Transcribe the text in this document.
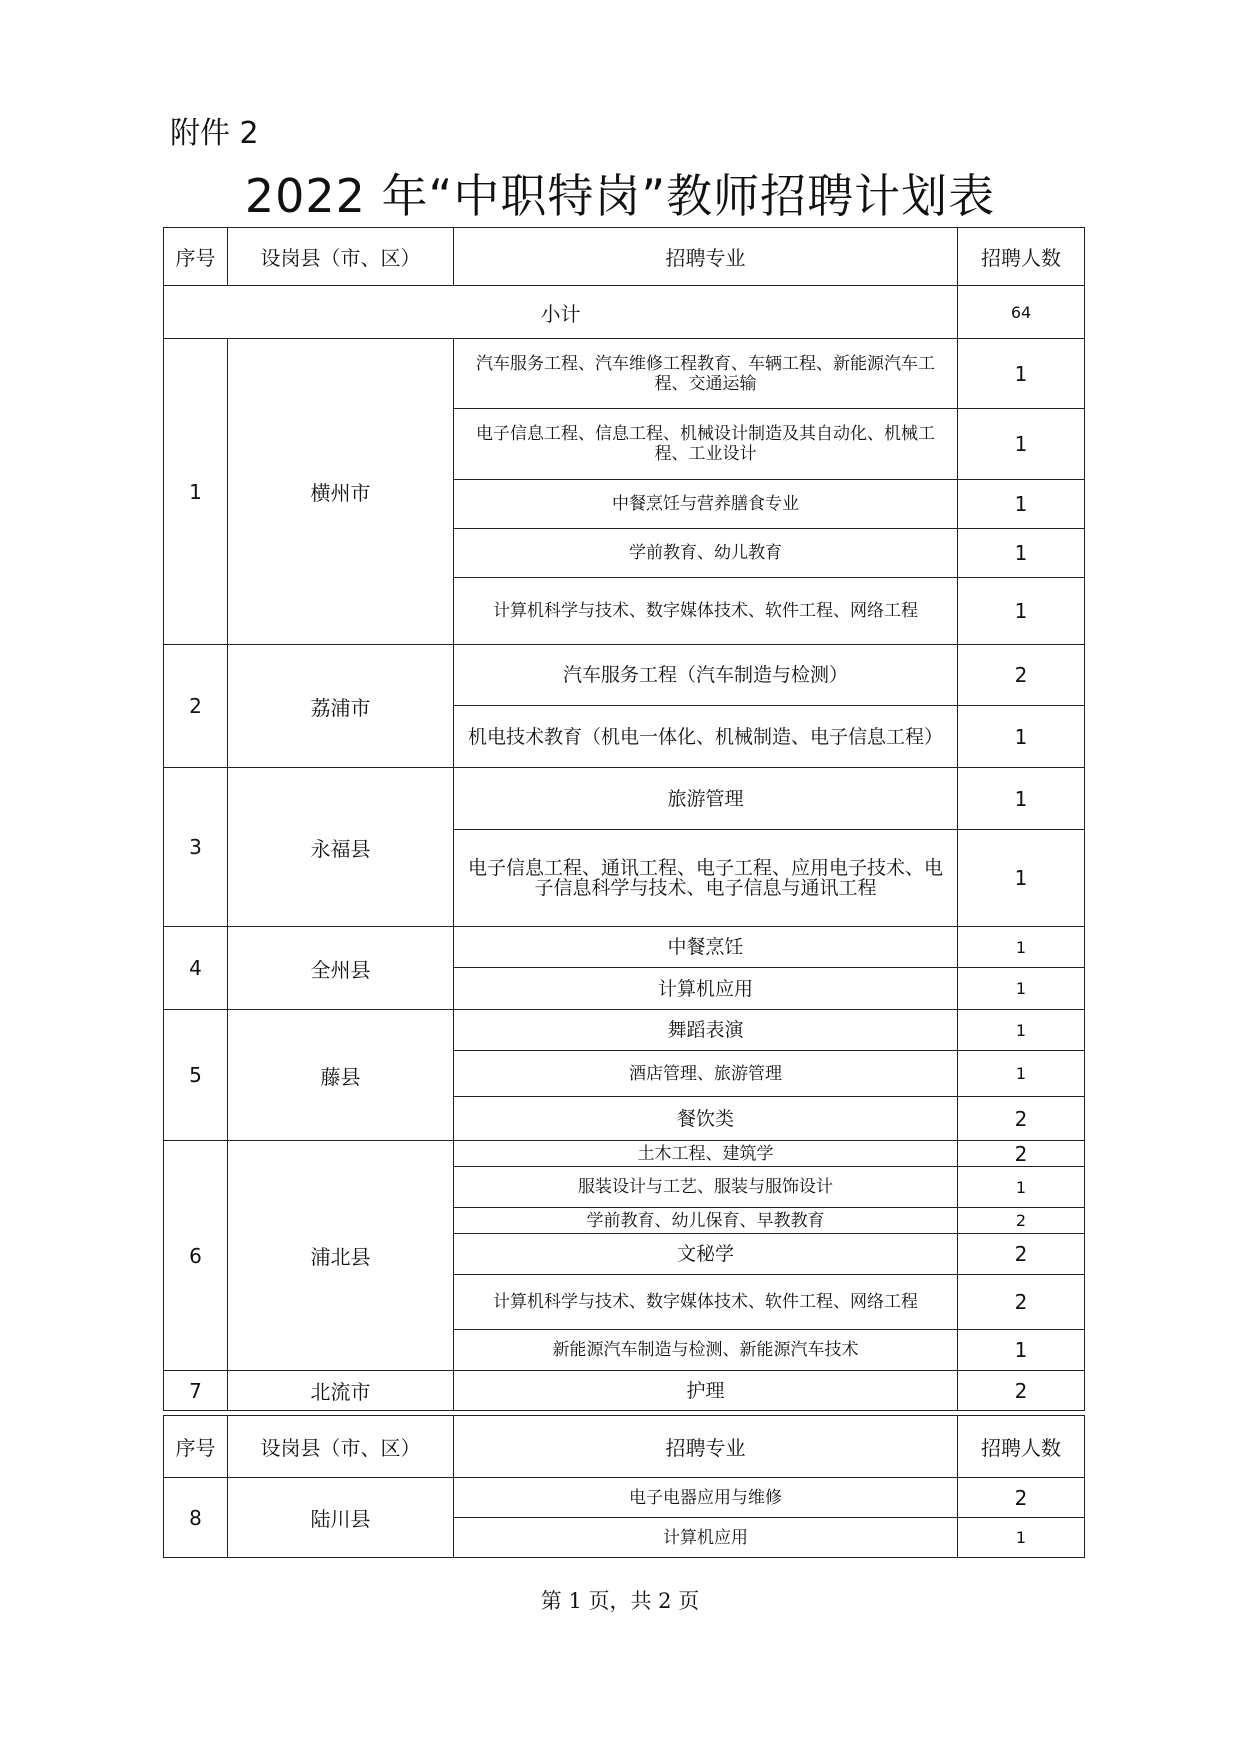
附件 2
2022 年“中职特岗”教师招聘计划表
序号	设岗县（市、区）	招聘专业	招聘人数
小计			64
1	横州市	汽车服务工程、汽车维修工程教育、车辆工程、新能源汽车工程、交通运输	1
		电子信息工程、信息工程、机械设计制造及其自动化、机械工程、工业设计	1
		中餐烹饪与营养膳食专业	1
		学前教育、幼儿教育	1
		计算机科学与技术、数字媒体技术、软件工程、网络工程	1
2	荔浦市	汽车服务工程（汽车制造与检测）	2
		机电技术教育（机电一体化、机械制造、电子信息工程）	1
3	永福县	旅游管理	1
		电子信息工程、通讯工程、电子工程、应用电子技术、电子信息科学与技术、电子信息与通讯工程	1
4	全州县	中餐烹饪	1
		计算机应用	1
5	藤县	舞蹈表演	1
		酒店管理、旅游管理	1
		餐饮类	2
6	浦北县	土木工程、建筑学	2
		服装设计与工艺、服装与服饰设计	1
		学前教育、幼儿保育、早教教育	2
		文秘学	2
		计算机科学与技术、数字媒体技术、软件工程、网络工程	2
		新能源汽车制造与检测、新能源汽车技术	1
7	北流市	护理	2
序号	设岗县（市、区）	招聘专业	招聘人数
8	陆川县	电子电器应用与维修	2
		计算机应用	1
第 1 页，共 2 页
